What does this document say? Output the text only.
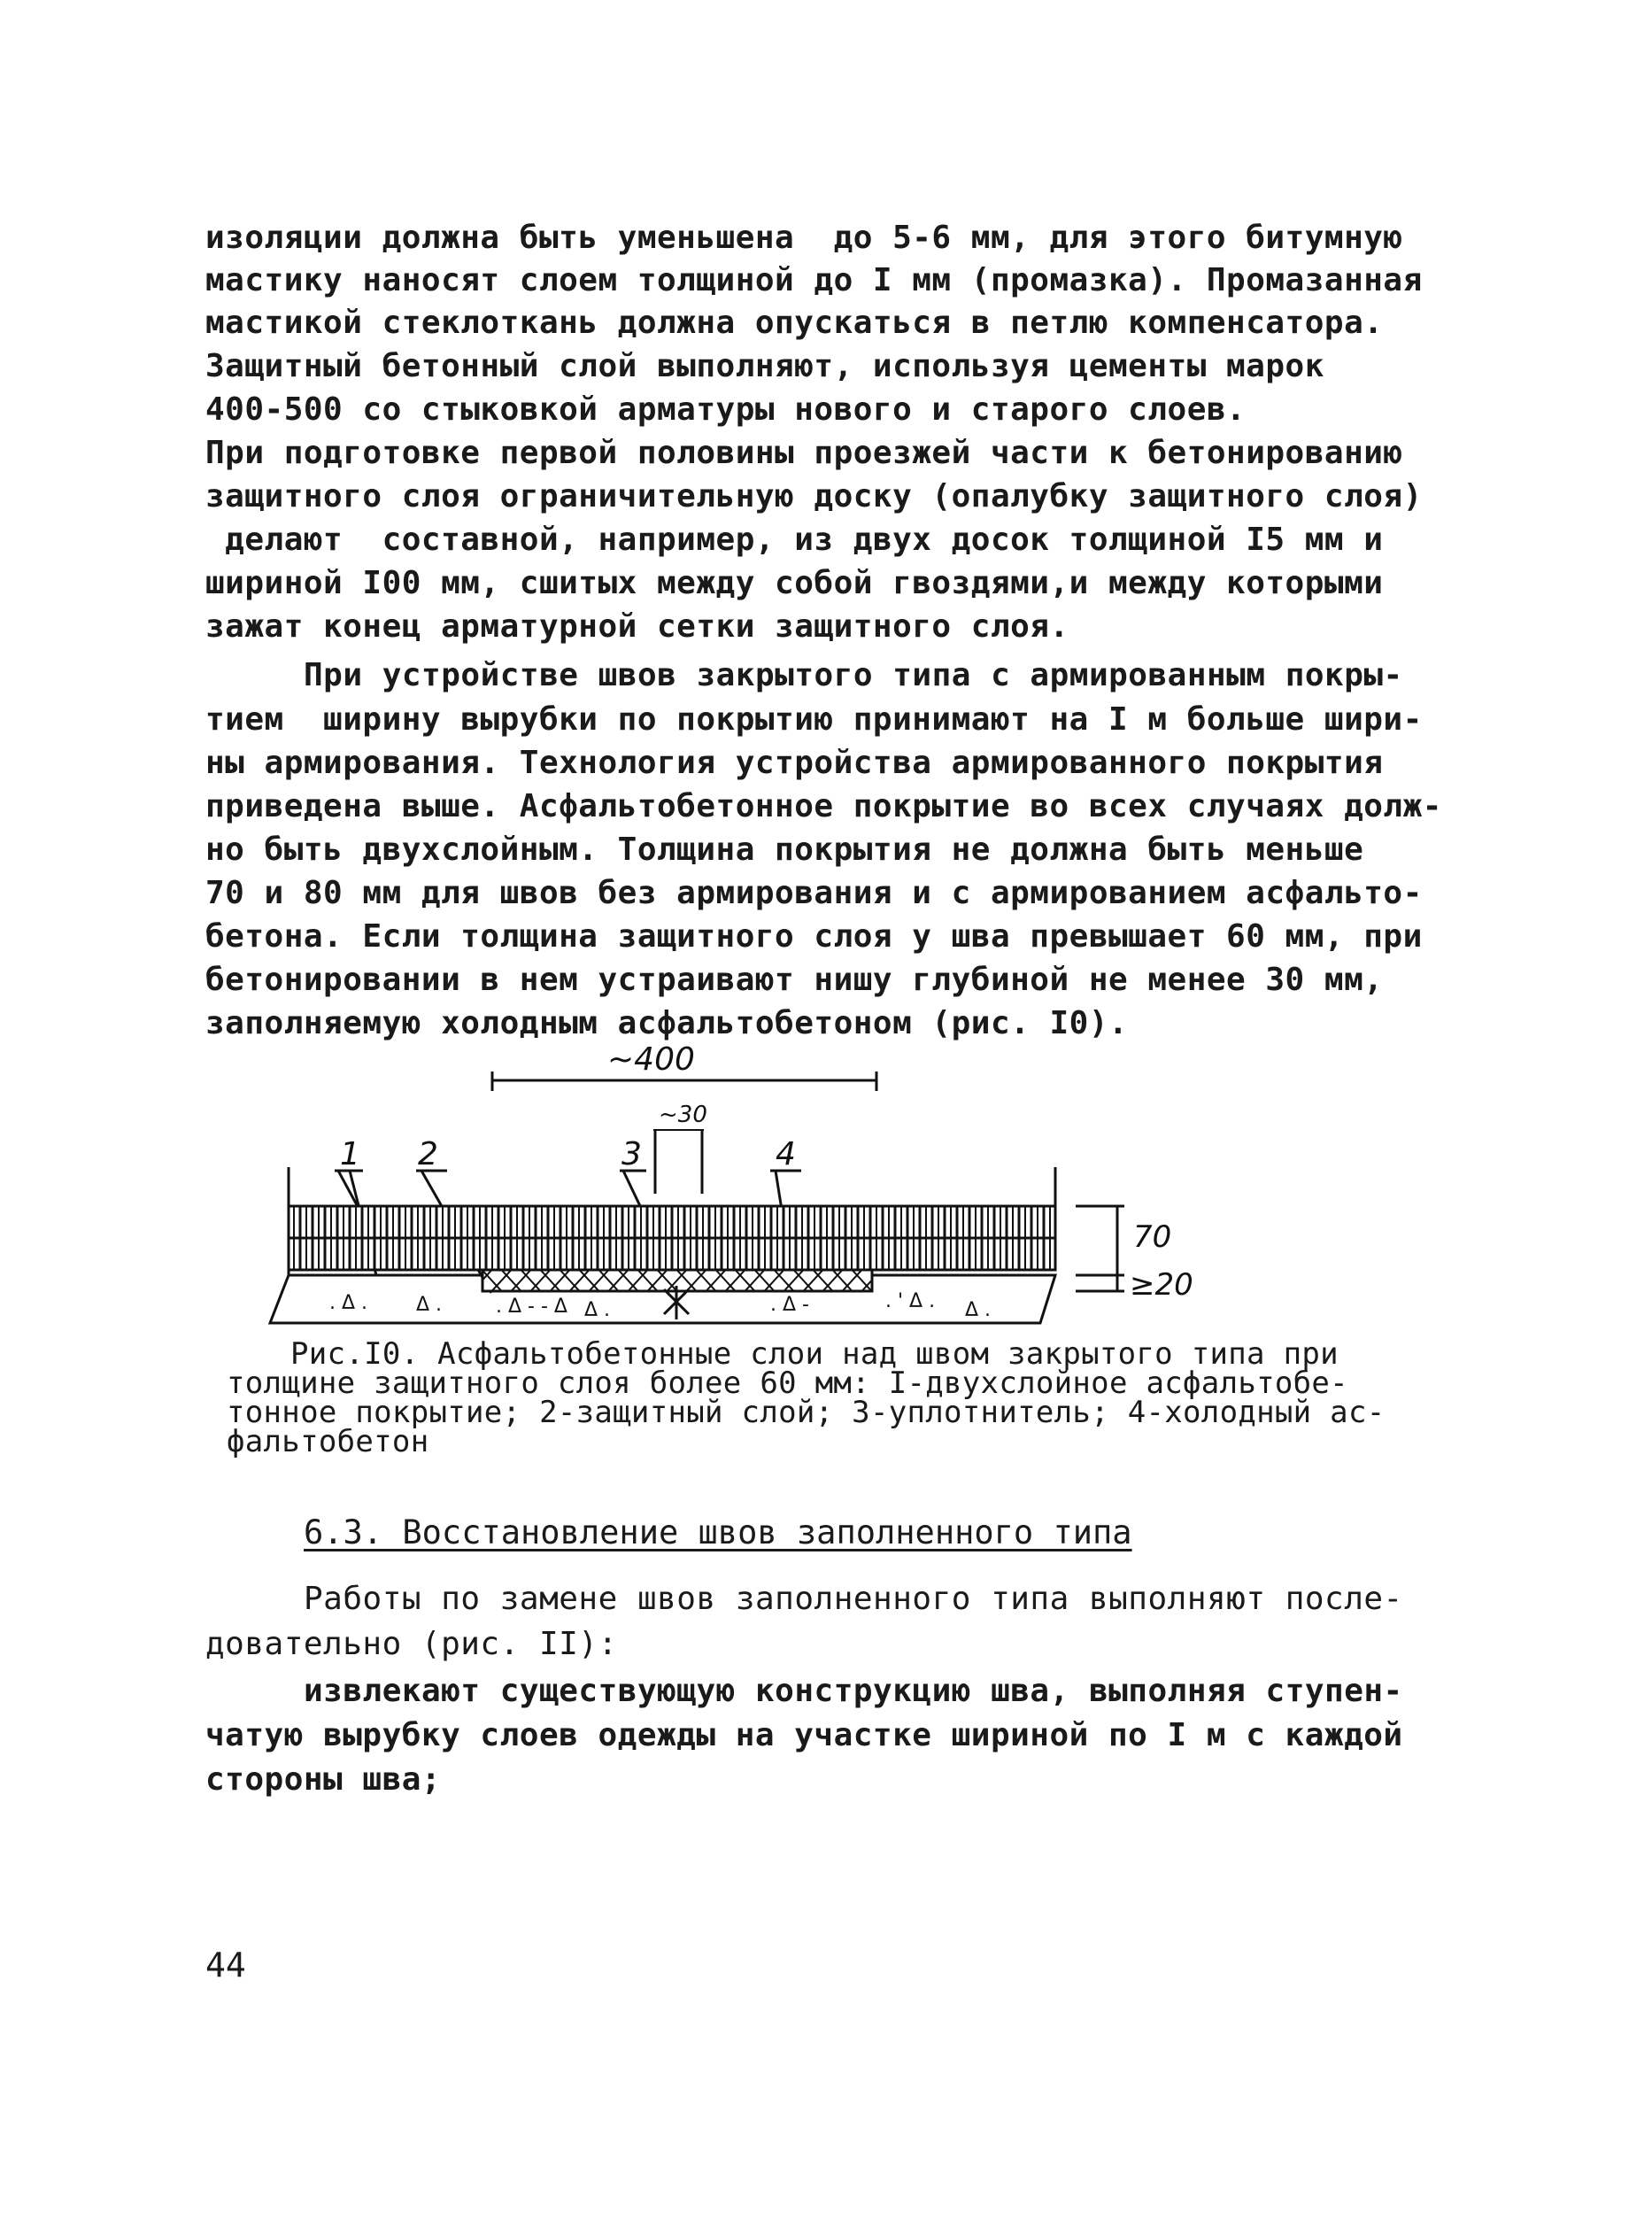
изоляции должна быть уменьшена  до 5-6 мм, для этого битумную
мастику наносят слоем толщиной до I мм (промазка). Промазанная
мастикой стеклоткань должна опускаться в петлю компенсатора.
Защитный бетонный слой выполняют, используя цементы марок
400-500 со стыковкой арматуры нового и старого слоев.
При подготовке первой половины проезжей части к бетонированию
защитного слоя ограничительную доску (опалубку защитного слоя)
делают  составной, например, из двух досок толщиной I5 мм и
шириной I00 мм, сшитых между собой гвоздями,и между которыми
зажат конец арматурной сетки защитного слоя.
При устройстве швов закрытого типа с армированным покры-
тием  ширину вырубки по покрытию принимают на I м больше шири-
ны армирования. Технология устройства армированного покрытия
приведена выше. Асфальтобетонное покрытие во всех случаях долж-
но быть двухслойным. Толщина покрытия не должна быть меньше
70 и 80 мм для швов без армирования и с армированием асфальто-
бетона. Если толщина защитного слоя у шва превышает 60 мм, при
бетонировании в нем устраивают нишу глубиной не менее 30 мм,
заполняемую холодным асфальтобетоном (рис. I0).
~400
~30
1 2	3	4
. Δ . Δ .	. Δ - - Δ Δ .	. Δ -	. ' Δ . Δ .
70
≥20
Рис.I0. Асфальтобетонные слои над швом закрытого типа при
толщине защитного слоя более 60 мм: I-двухслойное асфальтобе-
тонное покрытие; 2-защитный слой; 3-уплотнитель; 4-холодный ас-
фальтобетон
6.3. Восстановление швов заполненного типа
Работы по замене швов заполненного типа выполняют после-
довательно (рис. II):
извлекают существующую конструкцию шва, выполняя ступен-
чатую вырубку слоев одежды на участке шириной по I м с каждой
стороны шва;
44
